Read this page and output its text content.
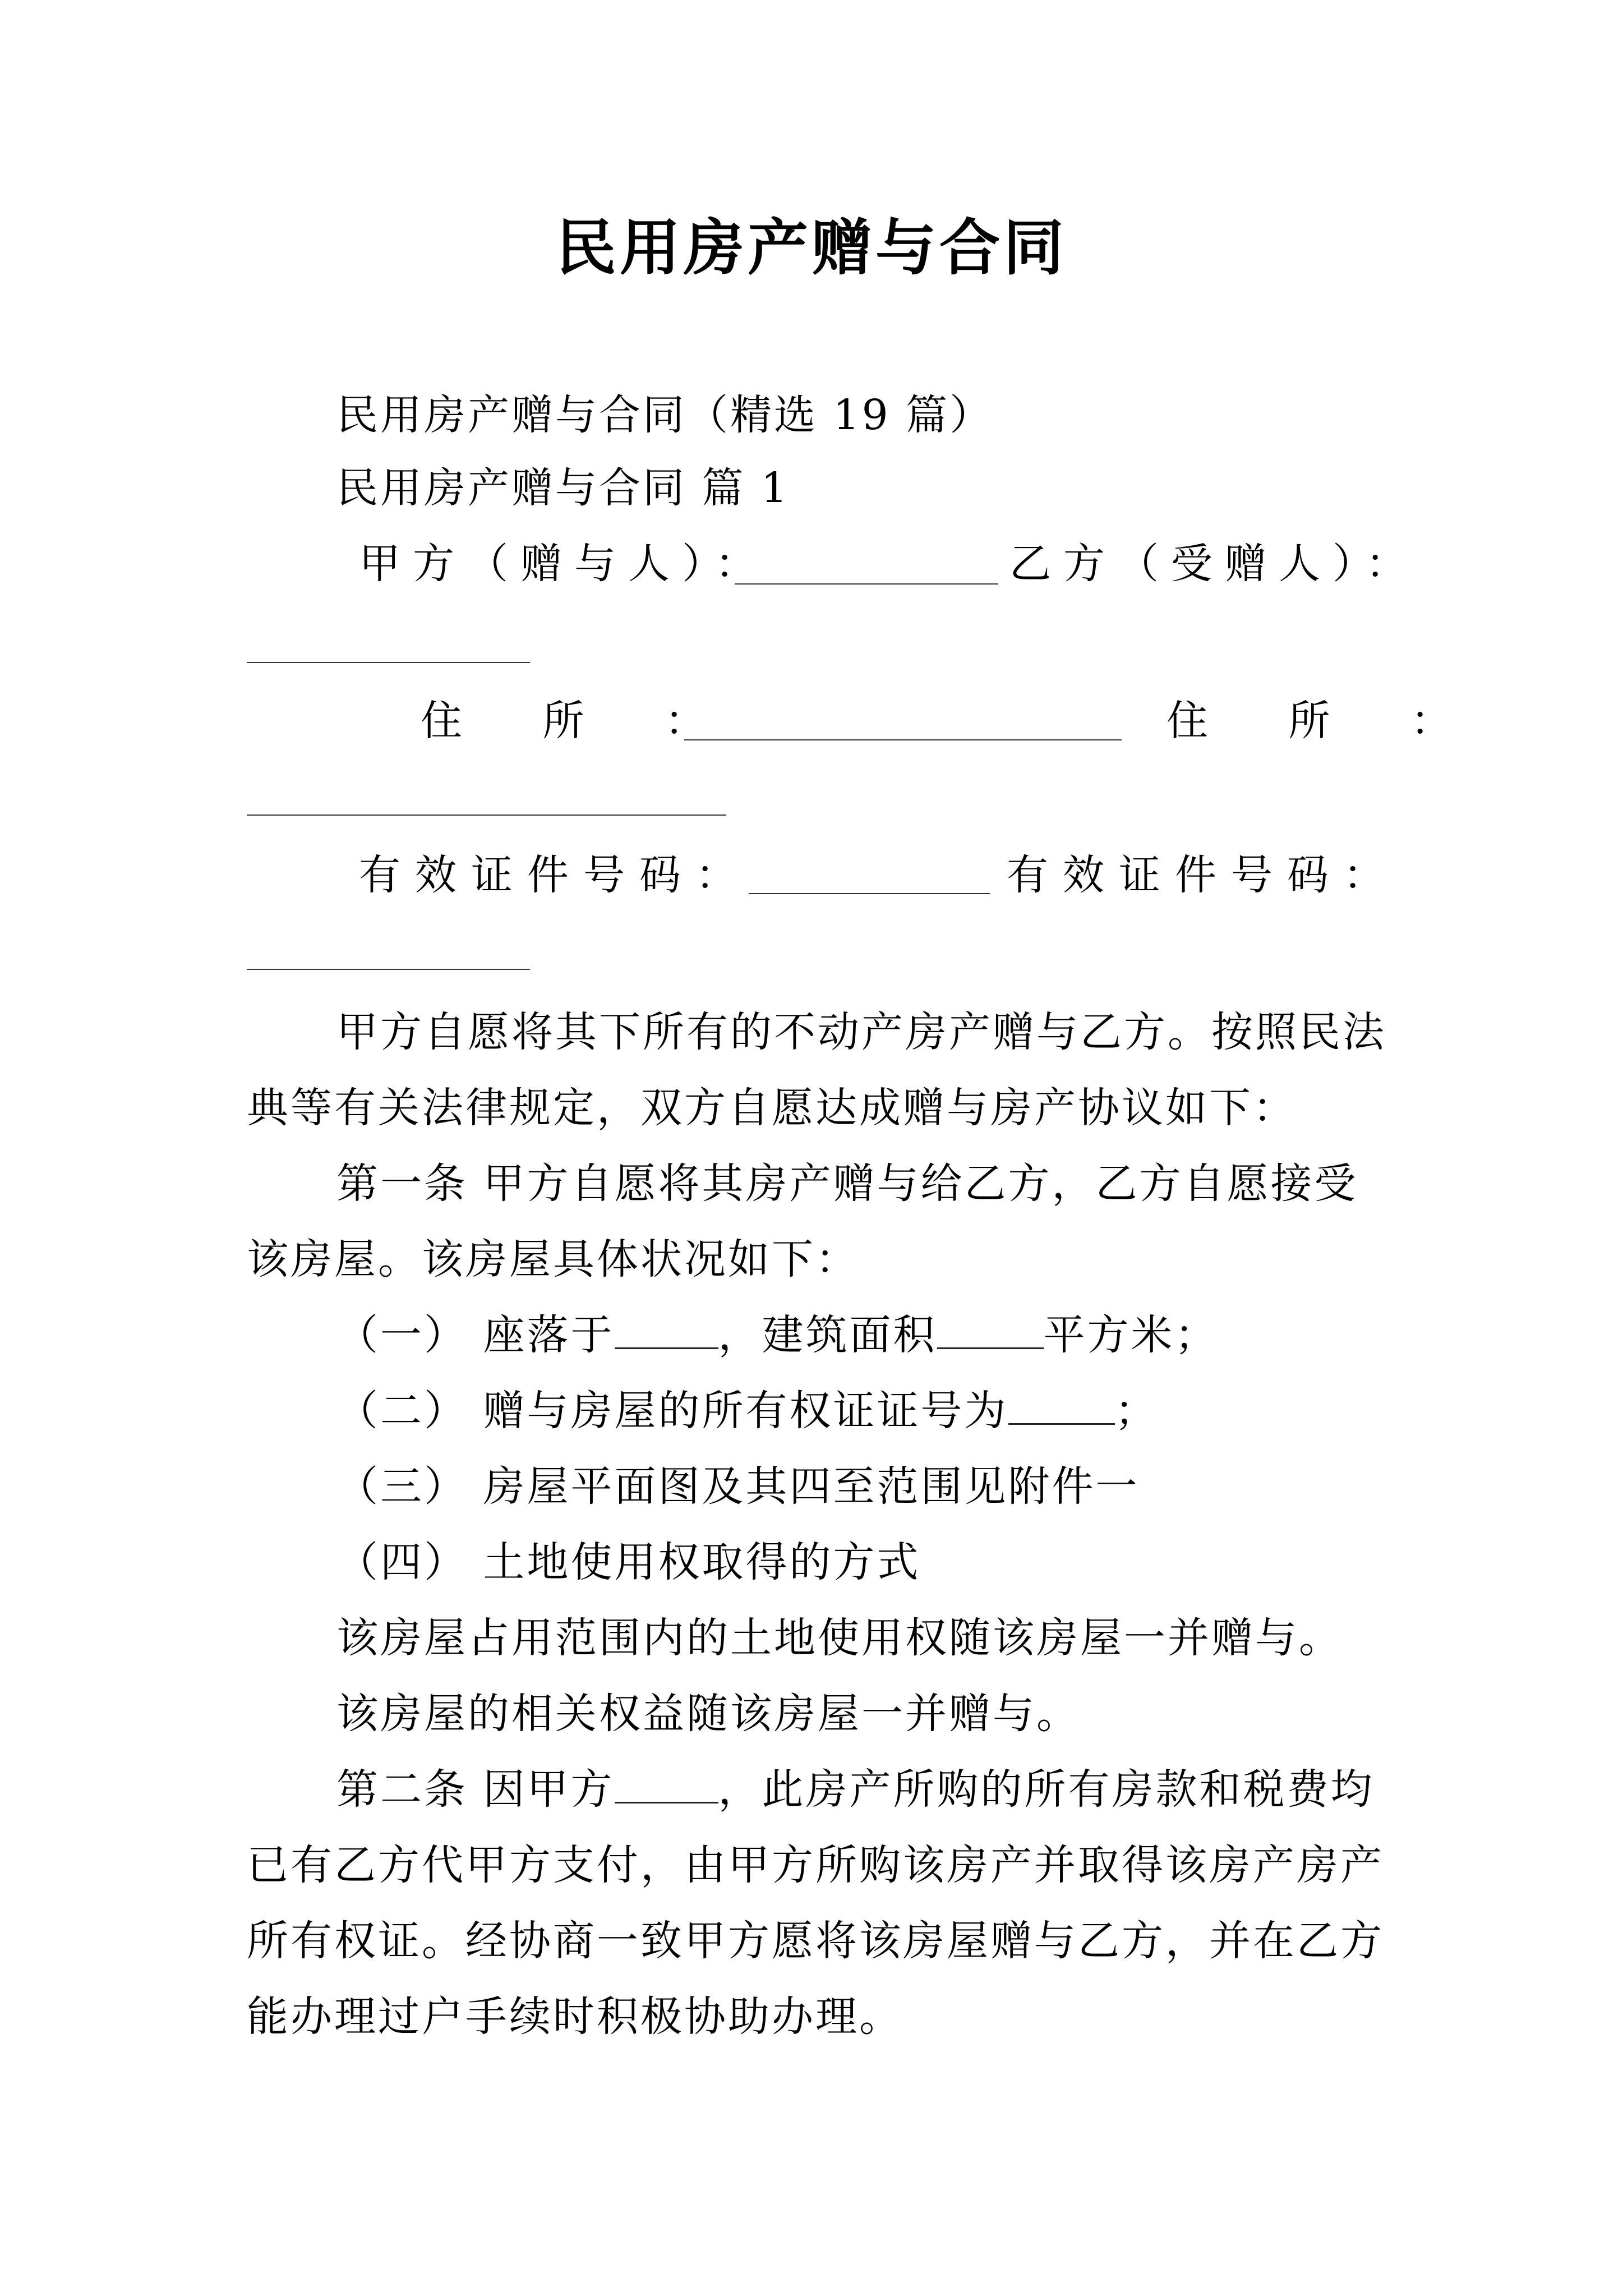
民用房产赠与合同
民用房产赠与合同（精选 19 篇）
民用房产赠与合同 篇 1
甲方（赠与人）：	乙方（受赠人）：
住 所 ：	住 所 ：
有效证件号码：	有效证件号码：
甲方自愿将其下所有的不动产房产赠与乙方。按照民法
典等有关法律规定，双方自愿达成赠与房产协议如下：
第一条 甲方自愿将其房产赠与给乙方，乙方自愿接受
该房屋。该房屋具体状况如下：
（一） 座落于	，建筑面积	平方米；
（二） 赠与房屋的所有权证证号为	；
（三） 房屋平面图及其四至范围见附件一
（四） 土地使用权取得的方式
该房屋占用范围内的土地使用权随该房屋一并赠与。
该房屋的相关权益随该房屋一并赠与。
第二条 因甲方	，此房产所购的所有房款和税费均
已有乙方代甲方支付，由甲方所购该房产并取得该房产房产
所有权证。经协商一致甲方愿将该房屋赠与乙方，并在乙方
能办理过户手续时积极协助办理。
